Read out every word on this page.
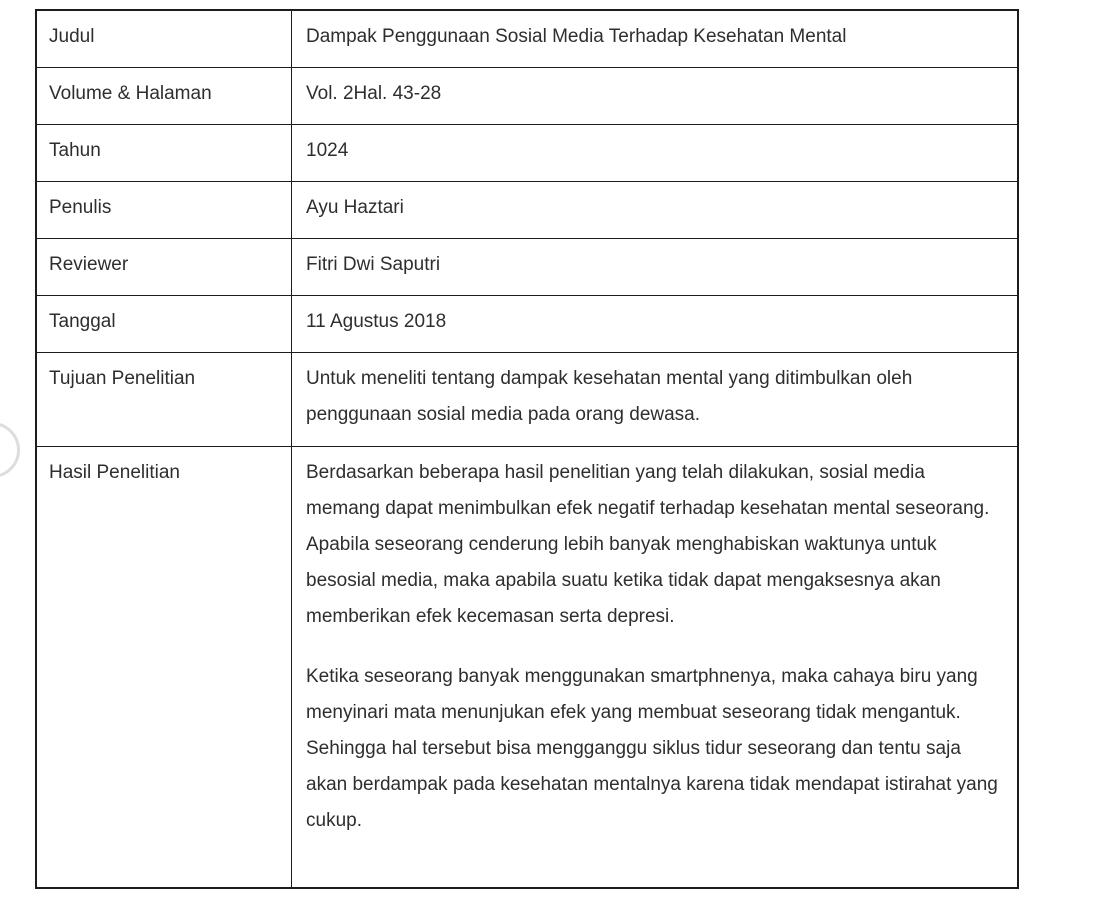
Judul	Dampak Penggunaan Sosial Media Terhadap Kesehatan Mental
Volume & Halaman	Vol. 2Hal. 43-28
Tahun	1024
Penulis	Ayu Haztari
Reviewer	Fitri Dwi Saputri
Tanggal	11 Agustus 2018
Tujuan Penelitian	Untuk meneliti tentang dampak kesehatan mental yang ditimbulkan oleh penggunaan sosial media pada orang dewasa.
Hasil Penelitian	Berdasarkan beberapa hasil penelitian yang telah dilakukan, sosial media memang dapat menimbulkan efek negatif terhadap kesehatan mental seseorang. Apabila seseorang cenderung lebih banyak menghabiskan waktunya untuk besosial media, maka apabila suatu ketika tidak dapat mengaksesnya akan memberikan efek kecemasan serta depresi.

Ketika seseorang banyak menggunakan smartphnenya, maka cahaya biru yang menyinari mata menunjukan efek yang membuat seseorang tidak mengantuk. Sehingga hal tersebut bisa mengganggu siklus tidur seseorang dan tentu saja akan berdampak pada kesehatan mentalnya karena tidak mendapat istirahat yang cukup.
